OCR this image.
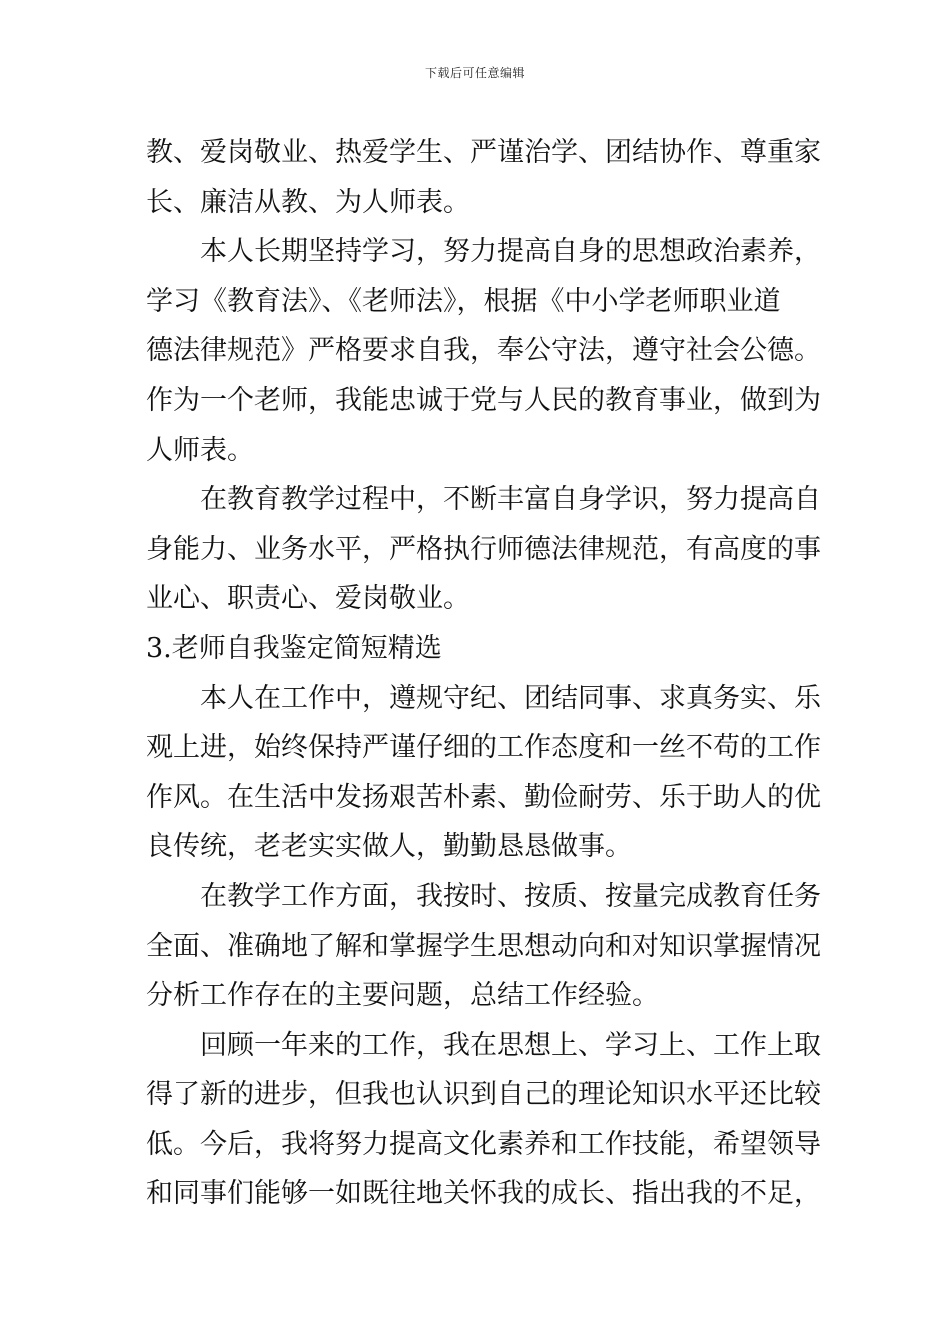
下载后可任意编辑
教、爱岗敬业、热爱学生、严谨治学、团结协作、尊重家
长、廉洁从教、为人师表。
本人长期坚持学习，努力提高自身的思想政治素养，
学习《教育法》、《老师法》，根据《中小学老师职业道
德法律规范》严格要求自我，奉公守法，遵守社会公德。
作为一个老师，我能忠诚于党与人民的教育事业，做到为
人师表。
在教育教学过程中，不断丰富自身学识，努力提高自
身能力、业务水平，严格执行师德法律规范，有高度的事
业心、职责心、爱岗敬业。
3.老师自我鉴定简短精选
本人在工作中，遵规守纪、团结同事、求真务实、乐
观上进，始终保持严谨仔细的工作态度和一丝不苟的工作
作风。在生活中发扬艰苦朴素、勤俭耐劳、乐于助人的优
良传统，老老实实做人，勤勤恳恳做事。
在教学工作方面，我按时、按质、按量完成教育任务
全面、准确地了解和掌握学生思想动向和对知识掌握情况
分析工作存在的主要问题，总结工作经验。
回顾一年来的工作，我在思想上、学习上、工作上取
得了新的进步，但我也认识到自己的理论知识水平还比较
低。今后，我将努力提高文化素养和工作技能，希望领导
和同事们能够一如既往地关怀我的成长、指出我的不足，
